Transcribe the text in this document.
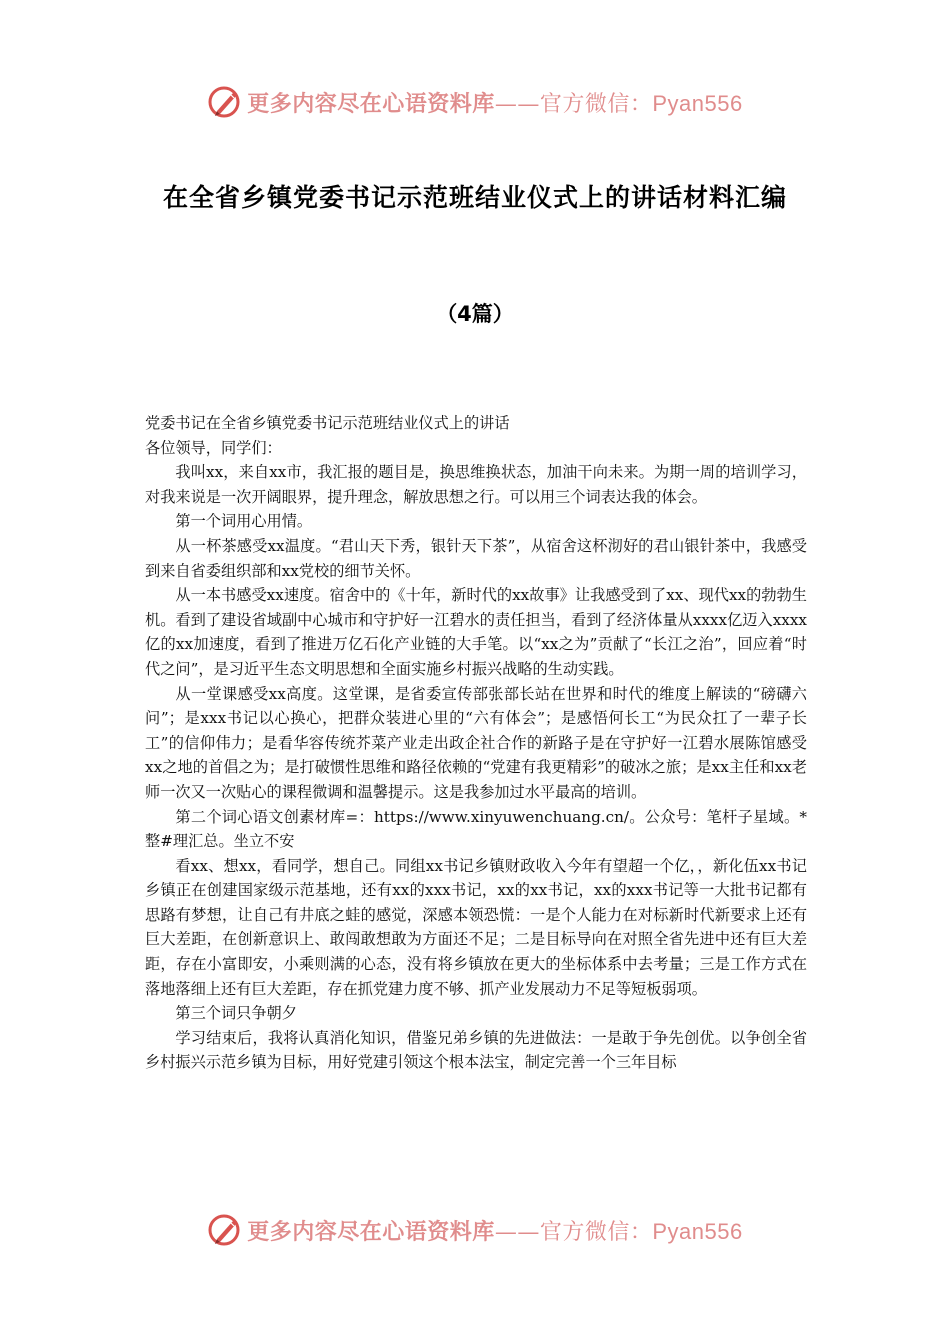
更多内容尽在心语资料库——官方微信：Pyan556
在全省乡镇党委书记示范班结业仪式上的讲话材料汇编
（4篇）

党委书记在全省乡镇党委书记示范班结业仪式上的讲话

各位领导，同学们：

我叫xx，来自xx市，我汇报的题目是，换思维换状态，加油干向未来。为期一周的培训学习，对我来说是一次开阔眼界，提升理念，解放思想之行。可以用三个词表达我的体会。

第一个词用心用情。

从一杯茶感受xx温度。“君山天下秀，银针天下茶”，从宿舍这杯沏好的君山银针茶中，我感受到来自省委组织部和xx党校的细节关怀。

从一本书感受xx速度。宿舍中的《十年，新时代的xx故事》让我感受到了xx、现代xx的勃勃生机。看到了建设省域副中心城市和守护好一江碧水的责任担当，看到了经济体量从xxxx亿迈入xxxx亿的xx加速度，看到了推进万亿石化产业链的大手笔。以“xx之为”贡献了“长江之治”，回应着“时代之问”，是习近平生态文明思想和全面实施乡村振兴战略的生动实践。

从一堂课感受xx高度。这堂课，是省委宣传部张部长站在世界和时代的维度上解读的“磅礴六问”；是xxx书记以心换心，把群众装进心里的“六有体会”；是感悟何长工“为民众扛了一辈子长工”的信仰伟力；是看华容传统芥菜产业走出政企社合作的新路子是在守护好一江碧水展陈馆感受xx之地的首倡之为；是打破惯性思维和路径依赖的“党建有我更精彩”的破冰之旅；是xx主任和xx老师一次又一次贴心的课程微调和温馨提示。这是我参加过水平最高的培训。

第二个词心语文创素材库=：https://www.xinyuwenchuang.cn/。公众号：笔杆子星域。*整#理汇总。坐立不安

看xx、想xx，看同学，想自己。同组xx书记乡镇财政收入今年有望超一个亿，，新化伍xx书记乡镇正在创建国家级示范基地，还有xx的xxx书记，xx的xx书记，xx的xxx书记等一大批书记都有思路有梦想，让自己有井底之蛙的感觉，深感本领恐慌：一是个人能力在对标新时代新要求上还有巨大差距，在创新意识上、敢闯敢想敢为方面还不足；二是目标导向在对照全省先进中还有巨大差距，存在小富即安，小乘则满的心态，没有将乡镇放在更大的坐标体系中去考量；三是工作方式在落地落细上还有巨大差距，存在抓党建力度不够、抓产业发展动力不足等短板弱项。

第三个词只争朝夕

学习结束后，我将认真消化知识，借鉴兄弟乡镇的先进做法：一是敢于争先创优。以争创全省乡村振兴示范乡镇为目标，用好党建引领这个根本法宝，制定完善一个三年目标

更多内容尽在心语资料库——官方微信：Pyan556
